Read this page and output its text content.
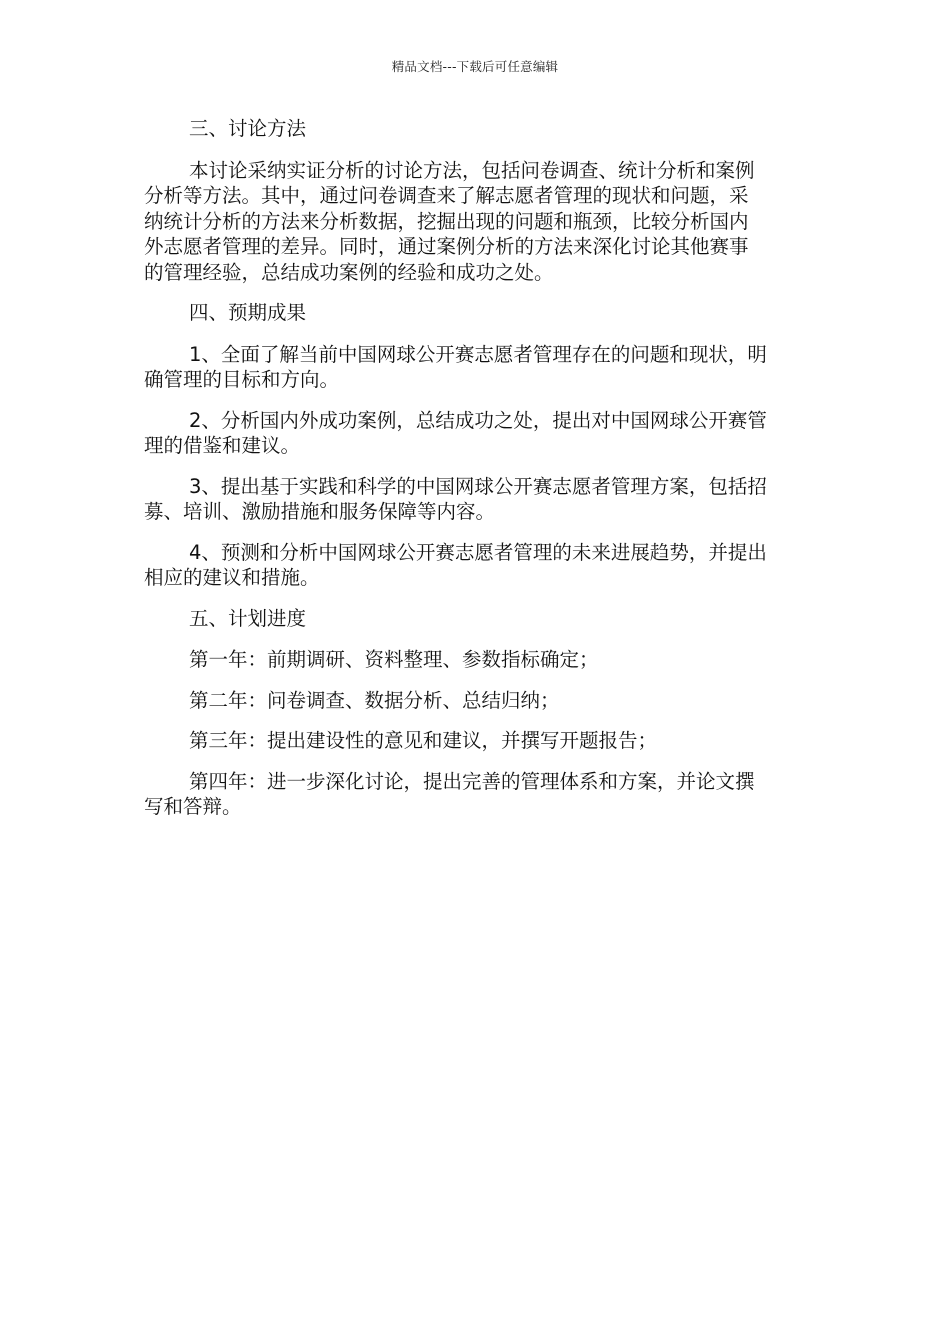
精品文档---下载后可任意编辑

三、讨论方法

本讨论采纳实证分析的讨论方法，包括问卷调查、统计分析和案例
分析等方法。其中，通过问卷调查来了解志愿者管理的现状和问题，采
纳统计分析的方法来分析数据，挖掘出现的问题和瓶颈，比较分析国内
外志愿者管理的差异。同时，通过案例分析的方法来深化讨论其他赛事
的管理经验，总结成功案例的经验和成功之处。

四、预期成果

1、全面了解当前中国网球公开赛志愿者管理存在的问题和现状，明
确管理的目标和方向。

2、分析国内外成功案例，总结成功之处，提出对中国网球公开赛管
理的借鉴和建议。

3、提出基于实践和科学的中国网球公开赛志愿者管理方案，包括招
募、培训、激励措施和服务保障等内容。

4、预测和分析中国网球公开赛志愿者管理的未来进展趋势，并提出
相应的建议和措施。

五、计划进度

第一年：前期调研、资料整理、参数指标确定；

第二年：问卷调查、数据分析、总结归纳；

第三年：提出建设性的意见和建议，并撰写开题报告；

第四年：进一步深化讨论，提出完善的管理体系和方案，并论文撰
写和答辩。
